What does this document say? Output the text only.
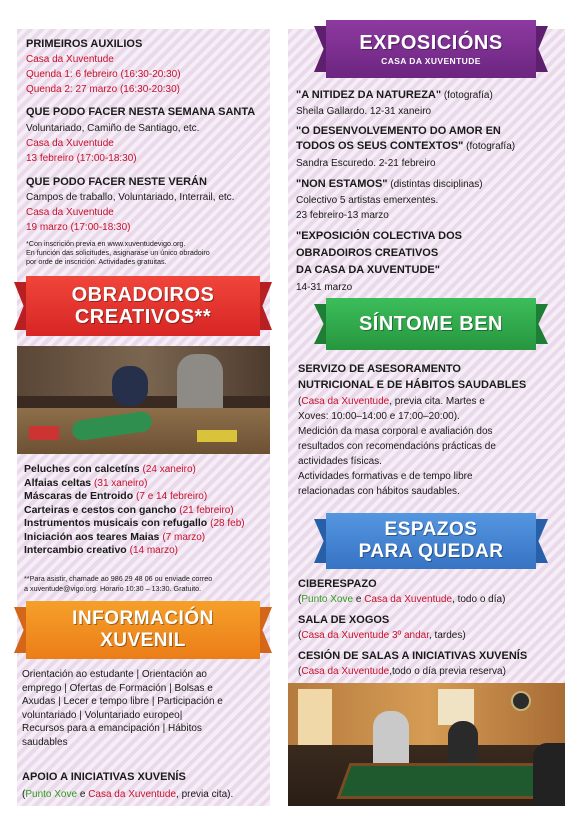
PRIMEIROS AUXILIOS
Casa da Xuventude
Quenda 1: 6 febreiro (16:30-20:30)
Quenda 2: 27 marzo (16:30-20:30)
QUE PODO FACER NESTA SEMANA SANTA
Voluntariado, Camiño de Santiago, etc.
Casa da Xuventude
13 febreiro (17:00-18:30)
QUE PODO FACER NESTE VERÁN
Campos de traballo, Voluntariado, Interrail, etc.
Casa da Xuventude
19 marzo (17:00-18:30)
*Con inscrición previa en www.xuventudevigo.org.
En función das solicitudes, asignarase un único obradoiro
por orde de inscrición. Actividades gratuitas.
OBRADOIROS
CREATIVOS**
Peluches con calcetíns (24 xaneiro)
Alfaias celtas (31 xaneiro)
Máscaras de Entroido (7 e 14 febreiro)
Carteiras e cestos con gancho (21 febreiro)
Instrumentos musicais con refugallo (28 feb)
Iniciación aos teares Maias (7 marzo)
Intercambio creativo (14 marzo)
**Para asistir, chamade ao 986 29 48 06 ou enviade correo
a xuventude@vigo.org. Horario 10:30 – 13:30. Gratuito.
INFORMACIÓN
XUVENIL
Orientación ao estudante | Orientación ao
emprego | Ofertas de Formación | Bolsas e
Axudas | Lecer e tempo libre | Participación e
voluntariado | Voluntariado europeo|
Recursos para a emancipación | Hábitos
saudables
APOIO A INICIATIVAS XUVENÍS
(Punto Xove e Casa da Xuventude, previa cita).
EXPOSICIÓNS
CASA DA XUVENTUDE
"A NITIDEZ DA NATUREZA" (fotografía)
Sheila Gallardo. 12-31 xaneiro
"O DESENVOLVEMENTO DO AMOR EN
TODOS OS SEUS CONTEXTOS" (fotografía)
Sandra Escuredo. 2-21 febreiro
"NON ESTAMOS" (distintas disciplinas)
Colectivo 5 artistas emerxentes.
23 febreiro-13 marzo
"EXPOSICIÓN COLECTIVA DOS
OBRADOIROS CREATIVOS
DA CASA DA XUVENTUDE"
14-31 marzo
SÍNTOME BEN
SERVIZO DE ASESORAMENTO
NUTRICIONAL E DE HÁBITOS SAUDABLES
(Casa da Xuventude, previa cita. Martes e
Xoves: 10:00–14:00 e 17:00–20:00).
Medición da masa corporal e avaliación dos
resultados con recomendacións prácticas de
actividades físicas.
Actividades formativas e de tempo libre
relacionadas con hábitos saudables.
ESPAZOS
PARA QUEDAR
CIBERESPAZO
(Punto Xove e Casa da Xuventude, todo o día)
SALA DE XOGOS
(Casa da Xuventude 3º andar, tardes)
CESIÓN DE SALAS A INICIATIVAS XUVENÍS
(Casa da Xuventude,todo o día previa reserva)
